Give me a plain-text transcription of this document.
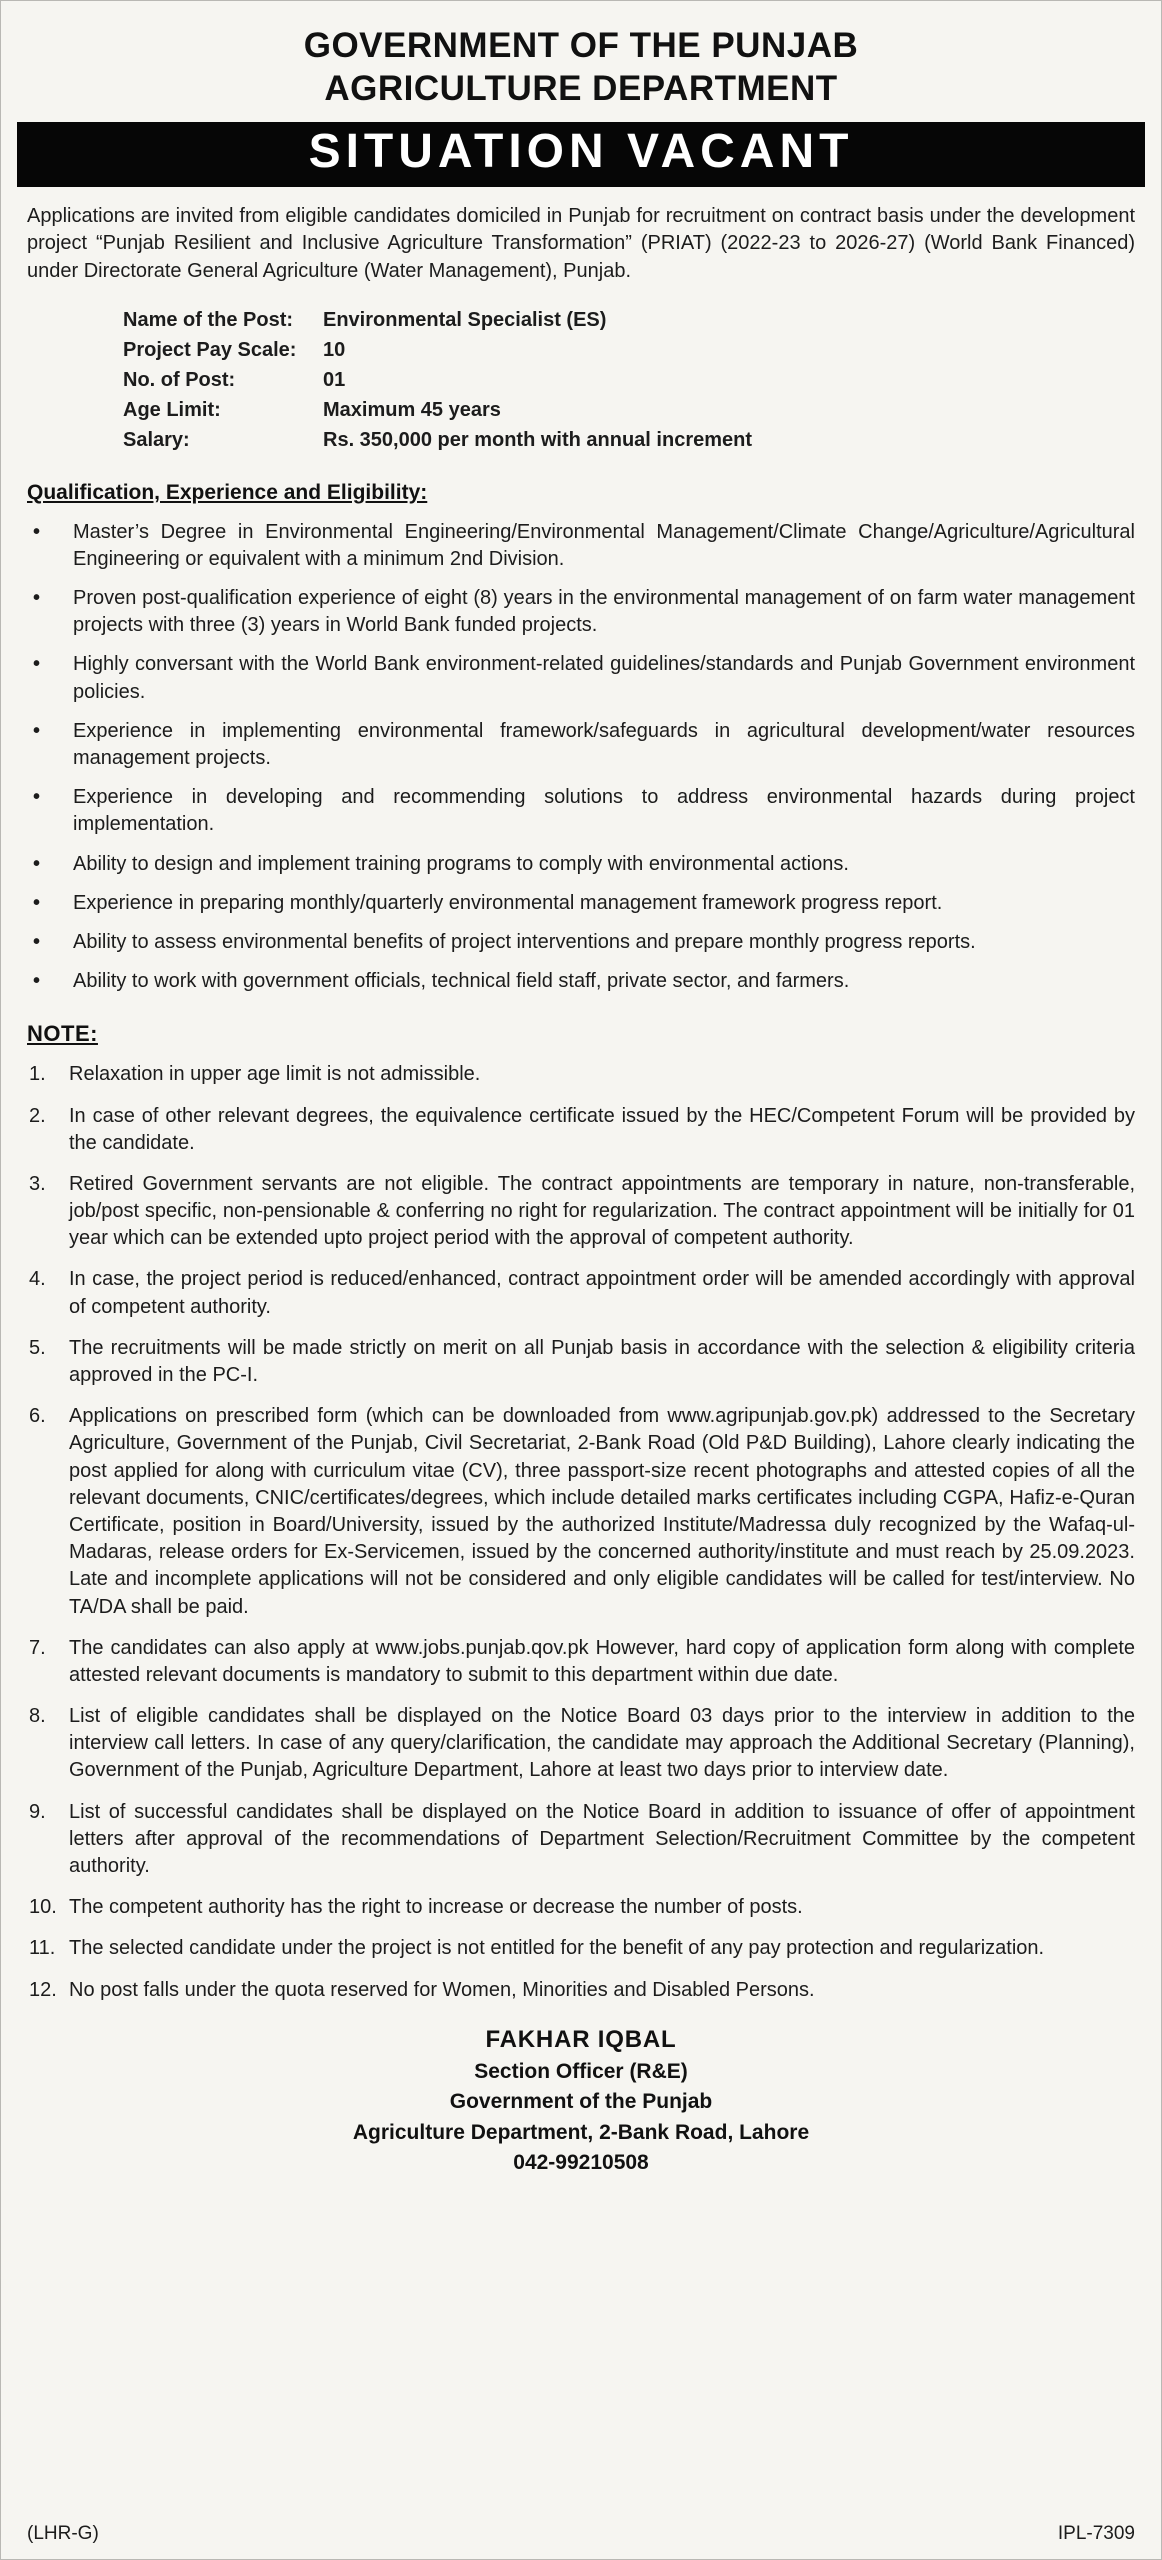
GOVERNMENT OF THE PUNJAB
AGRICULTURE DEPARTMENT
SITUATION VACANT

Applications are invited from eligible candidates domiciled in Punjab for recruitment on contract basis under the development project “Punjab Resilient and Inclusive Agriculture Transformation” (PRIAT) (2022-23 to 2026-27) (World Bank Financed) under Directorate General Agriculture (Water Management), Punjab.

Name of the Post:	Environmental Specialist (ES)
Project Pay Scale:	10
No. of Post:	01
Age Limit:	Maximum 45 years
Salary:	Rs. 350,000 per month with annual increment
Qualification, Experience and Eligibility:
• Master’s Degree in Environmental Engineering/Environmental Management/Climate Change/Agriculture/Agricultural Engineering or equivalent with a minimum 2nd Division.
• Proven post-qualification experience of eight (8) years in the environmental management of on farm water management projects with three (3) years in World Bank funded projects.
• Highly conversant with the World Bank environment-related guidelines/standards and Punjab Government environment policies.
• Experience in implementing environmental framework/safeguards in agricultural development/water resources management projects.
• Experience in developing and recommending solutions to address environmental hazards during project implementation.
• Ability to design and implement training programs to comply with environmental actions.
• Experience in preparing monthly/quarterly environmental management framework progress report.
• Ability to assess environmental benefits of project interventions and prepare monthly progress reports.
• Ability to work with government officials, technical field staff, private sector, and farmers.
NOTE:
1.	Relaxation in upper age limit is not admissible.
2.	In case of other relevant degrees, the equivalence certificate issued by the HEC/Competent Forum will be provided by the candidate.
3.	Retired Government servants are not eligible. The contract appointments are temporary in nature, non-transferable, job/post specific, non-pensionable & conferring no right for regularization. The contract appointment will be initially for 01 year which can be extended upto project period with the approval of competent authority.
4.	In case, the project period is reduced/enhanced, contract appointment order will be amended accordingly with approval of competent authority.
5.	The recruitments will be made strictly on merit on all Punjab basis in accordance with the selection & eligibility criteria approved in the PC-I.
6.	Applications on prescribed form (which can be downloaded from www.agripunjab.gov.pk) addressed to the Secretary Agriculture, Government of the Punjab, Civil Secretariat, 2-Bank Road (Old P&D Building), Lahore clearly indicating the post applied for along with curriculum vitae (CV), three passport-size recent photographs and attested copies of all the relevant documents, CNIC/certificates/degrees, which include detailed marks certificates including CGPA, Hafiz-e-Quran Certificate, position in Board/University, issued by the authorized Institute/Madressa duly recognized by the Wafaq-ul-Madaras, release orders for Ex-Servicemen, issued by the concerned authority/institute and must reach by 25.09.2023. Late and incomplete applications will not be considered and only eligible candidates will be called for test/interview. No TA/DA shall be paid.
7.	The candidates can also apply at www.jobs.punjab.qov.pk However, hard copy of application form along with complete attested relevant documents is mandatory to submit to this department within due date.
8.	List of eligible candidates shall be displayed on the Notice Board 03 days prior to the interview in addition to the interview call letters. In case of any query/clarification, the candidate may approach the Additional Secretary (Planning), Government of the Punjab, Agriculture Department, Lahore at least two days prior to interview date.
9.	List of successful candidates shall be displayed on the Notice Board in addition to issuance of offer of appointment letters after approval of the recommendations of Department Selection/Recruitment Committee by the competent authority.
10. The competent authority has the right to increase or decrease the number of posts.
11. The selected candidate under the project is not entitled for the benefit of any pay protection and regularization.
12. No post falls under the quota reserved for Women, Minorities and Disabled Persons.
FAKHAR IQBAL
Section Officer (R&E)
Government of the Punjab
Agriculture Department, 2-Bank Road, Lahore
042-99210508
(LHR-G)	IPL-7309
